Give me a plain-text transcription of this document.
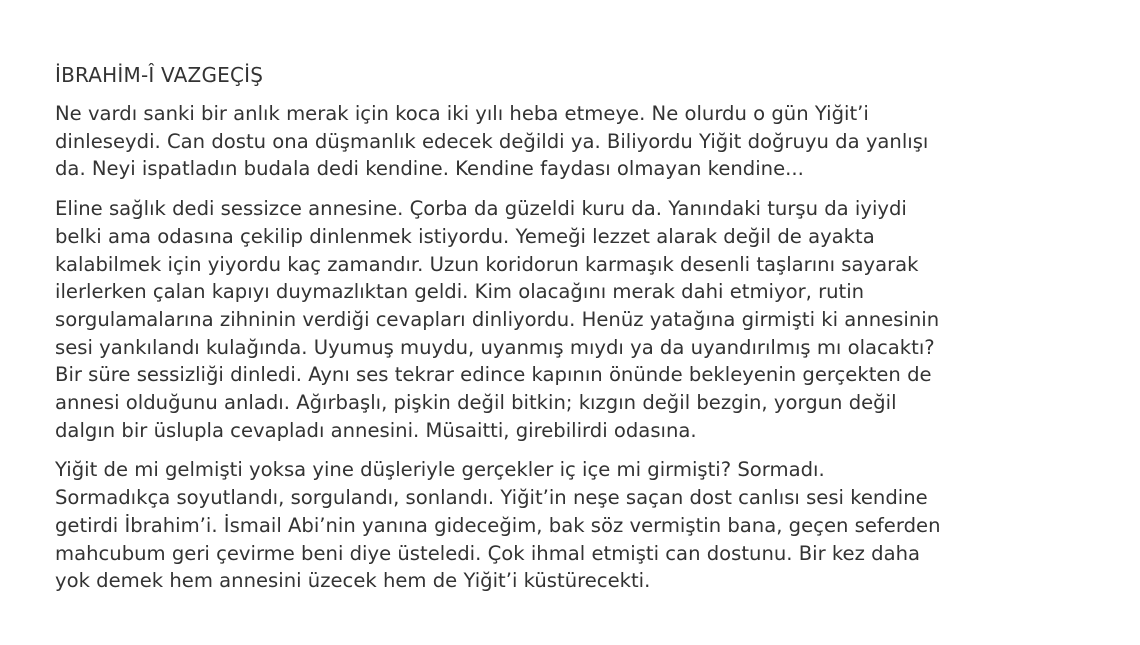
İBRAHİM-Î VAZGEÇİŞ

Ne vardı sanki bir anlık merak için koca iki yılı heba etmeye. Ne olurdu o gün Yiğit’i
dinleseydi. Can dostu ona düşmanlık edecek değildi ya. Biliyordu Yiğit doğruyu da yanlışı
da. Neyi ispatladın budala dedi kendine. Kendine faydası olmayan kendine...

Eline sağlık dedi sessizce annesine. Çorba da güzeldi kuru da. Yanındaki turşu da iyiydi
belki ama odasına çekilip dinlenmek istiyordu. Yemeği lezzet alarak değil de ayakta
kalabilmek için yiyordu kaç zamandır. Uzun koridorun karmaşık desenli taşlarını sayarak
ilerlerken çalan kapıyı duymazlıktan geldi. Kim olacağını merak dahi etmiyor, rutin
sorgulamalarına zihninin verdiği cevapları dinliyordu. Henüz yatağına girmişti ki annesinin
sesi yankılandı kulağında. Uyumuş muydu, uyanmış mıydı ya da uyandırılmış mı olacaktı?
Bir süre sessizliği dinledi. Aynı ses tekrar edince kapının önünde bekleyenin gerçekten de
annesi olduğunu anladı. Ağırbaşlı, pişkin değil bitkin; kızgın değil bezgin, yorgun değil
dalgın bir üslupla cevapladı annesini. Müsaitti, girebilirdi odasına.

Yiğit de mi gelmişti yoksa yine düşleriyle gerçekler iç içe mi girmişti? Sormadı.
Sormadıkça soyutlandı, sorgulandı, sonlandı. Yiğit’in neşe saçan dost canlısı sesi kendine
getirdi İbrahim’i. İsmail Abi’nin yanına gideceğim, bak söz vermiştin bana, geçen seferden
mahcubum geri çevirme beni diye üsteledi. Çok ihmal etmişti can dostunu. Bir kez daha
yok demek hem annesini üzecek hem de Yiğit’i küstürecekti.
